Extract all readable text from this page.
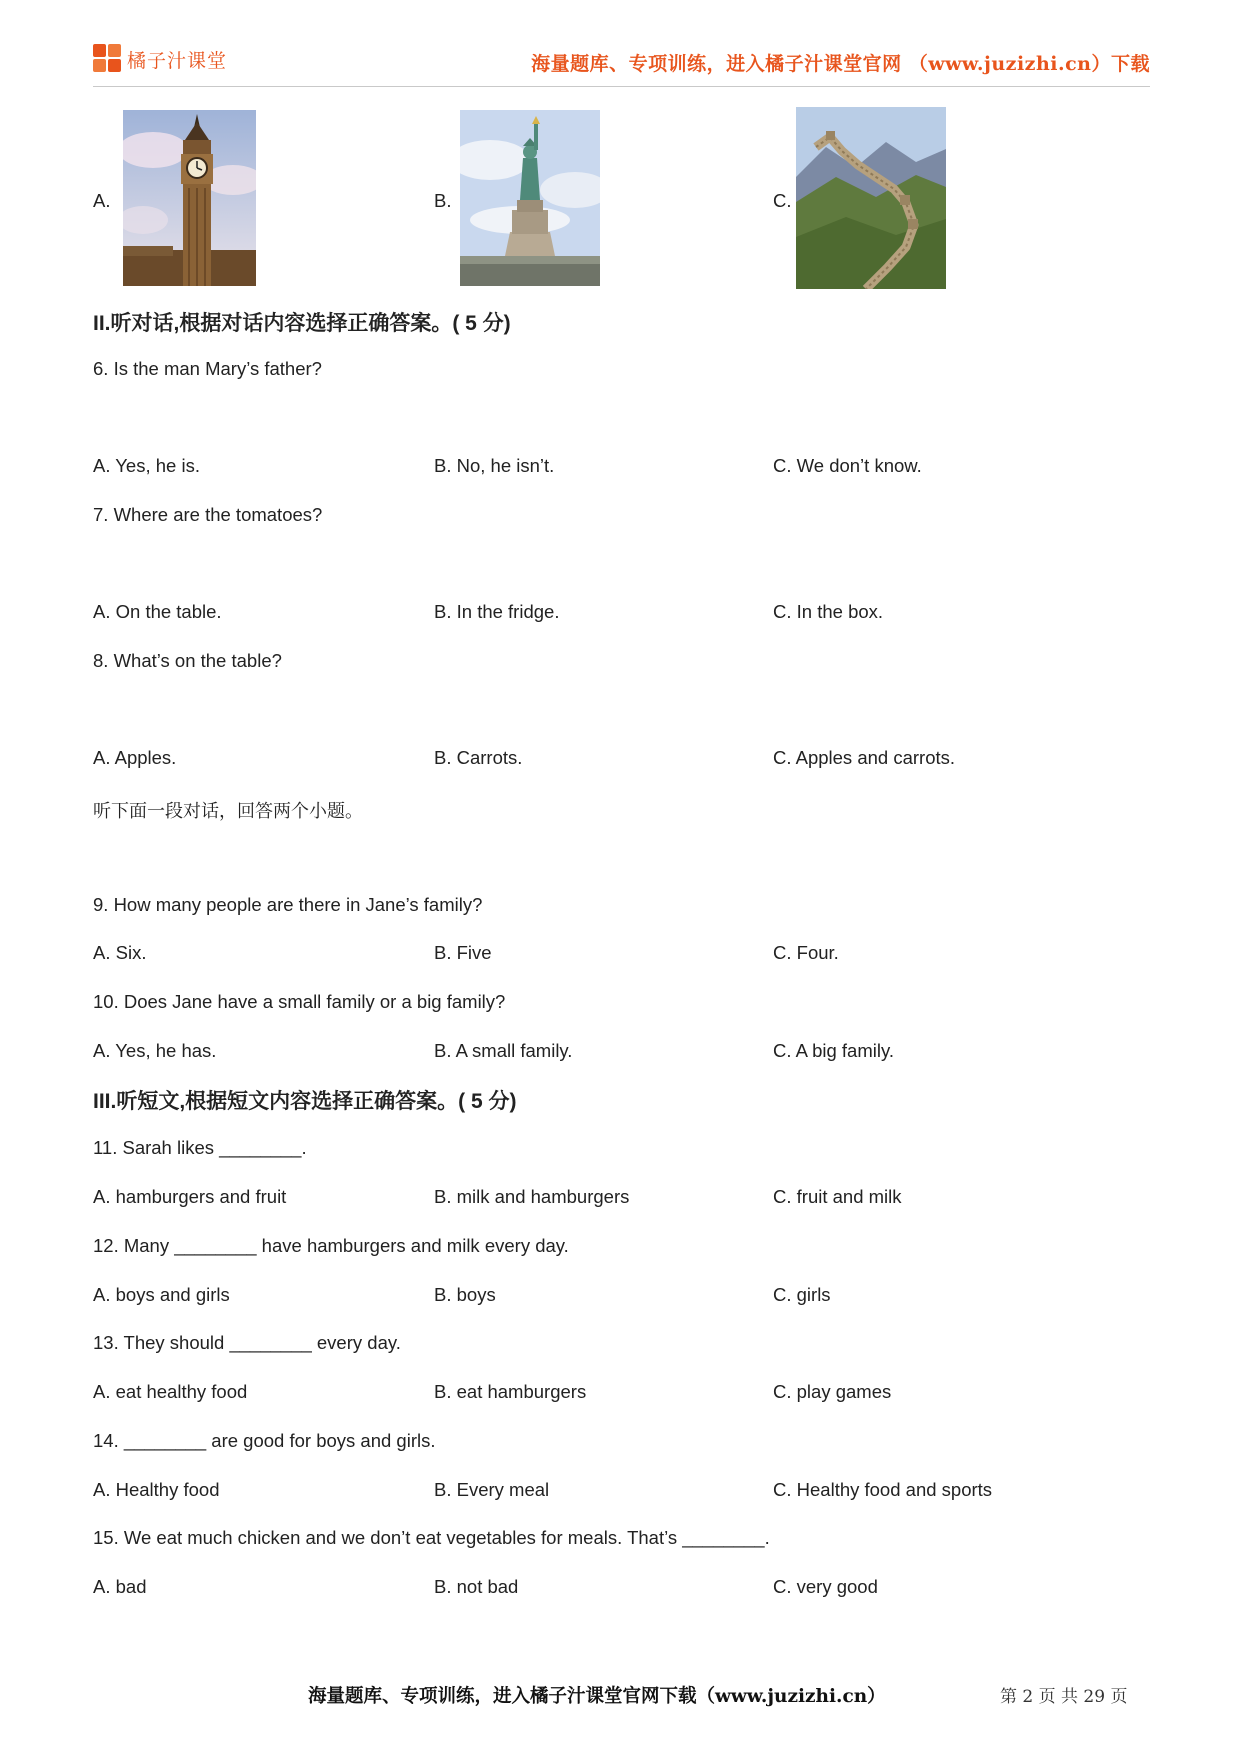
橘子汁课堂	海量题库、专项训练，进入橘子汁课堂官网 （www.juzizhi.cn）下载
A.	B.	C.
II.听对话,根据对话内容选择正确答案。( 5 分)
6. Is the man Mary’s father?
A. Yes, he is.	B. No, he isn’t.	C. We don’t know.
7. Where are the tomatoes?
A. On the table.	B. In the fridge.	C. In the box.
8. What’s on the table?
A. Apples.	B. Carrots.	C. Apples and carrots.
听下面一段对话，回答两个小题。
9. How many people are there in Jane’s family?
A. Six.	B. Five	C. Four.
10. Does Jane have a small family or a big family?
A. Yes, he has.	B. A small family.	C. A big family.
III.听短文,根据短文内容选择正确答案。( 5 分)
11. Sarah likes ________.
A. hamburgers and fruit	B. milk and hamburgers	C. fruit and milk
12. Many ________ have hamburgers and milk every day.
A. boys and girls	B. boys	C. girls
13. They should ________ every day.
A. eat healthy food	B. eat hamburgers	C. play games
14. ________ are good for boys and girls.
A. Healthy food	B. Every meal	C. Healthy food and sports
15. We eat much chicken and we don’t eat vegetables for meals. That’s ________.
A. bad	B. not bad	C. very good
海量题库、专项训练，进入橘子汁课堂官网下载（www.juzizhi.cn）	第 2 页 共 29 页
